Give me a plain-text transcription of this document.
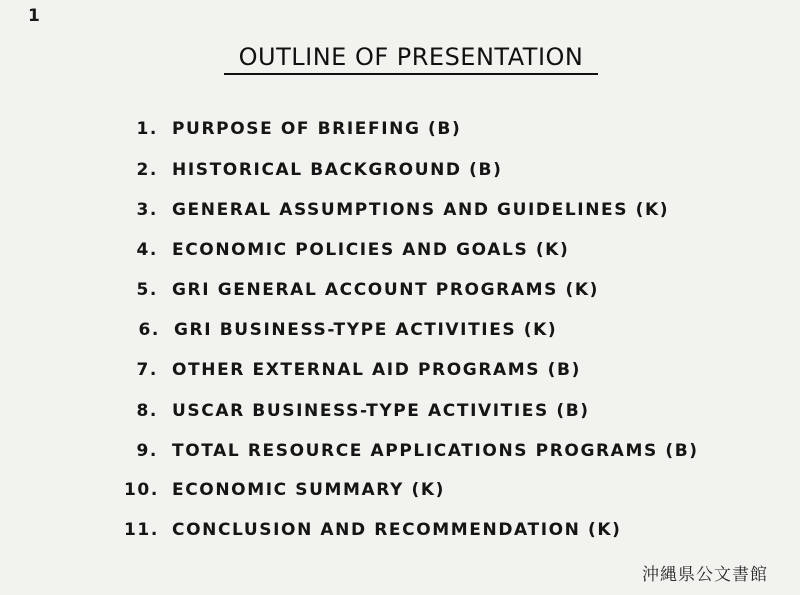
1
OUTLINE OF PRESENTATION
1. PURPOSE OF BRIEFING (B)
2. HISTORICAL BACKGROUND (B)
3. GENERAL ASSUMPTIONS AND GUIDELINES (K)
4. ECONOMIC POLICIES AND GOALS (K)
5. GRI GENERAL ACCOUNT PROGRAMS (K)
6. GRI BUSINESS-TYPE ACTIVITIES (K)
7. OTHER EXTERNAL AID PROGRAMS (B)
8. USCAR BUSINESS-TYPE ACTIVITIES (B)
9. TOTAL RESOURCE APPLICATIONS PROGRAMS (B)
10. ECONOMIC SUMMARY (K)
11. CONCLUSION AND RECOMMENDATION (K)
沖縄県公文書館
